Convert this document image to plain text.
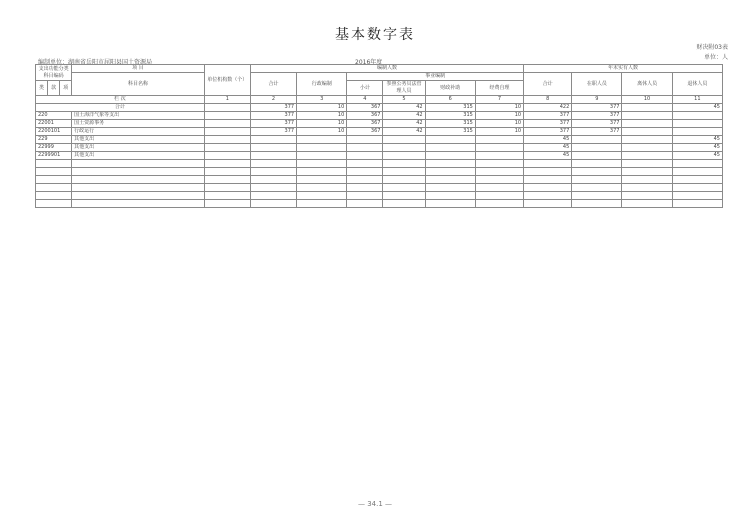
基本数字表
财决附03表
单位：人
编制单位：湖南省岳阳市屈阳县国土资源局	2016年度
支出功能分类科目编码			项 目	单位机构数（个）	编制人数						年末实有人数			
			科目名称		合计	行政编制	事业编制				合计	在职人员	离休人员	退休人员
							小计	参照公务员法管理人员	财政补助	经费自理				
类	款	项												
栏 次				1	2	3	4	5	6	7	8	9	10	11
合计					377	10	367	42	315	10	422	377		45
220			国土海洋气象等支出		377	10	367	42	315	10	377	377		
22001			国土资源事务		377	10	367	42	315	10	377	377		
2200101			行政运行		377	10	367	42	315	10	377	377		
229			其他支出								45			45
22999			其他支出								45			45
2299901			其他支出								45			45

— 34.1 —
